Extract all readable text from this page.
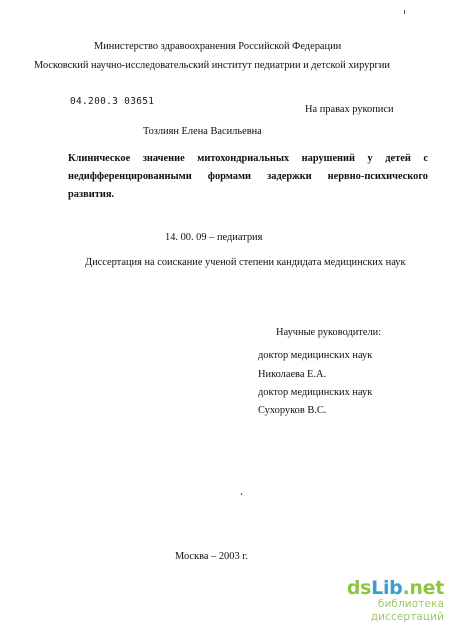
Министерство здравоохранения Российской Федерации
Московский научно-исследовательский институт педиатрии и детской хирургии
04.200.3 03651
На правах рукописи
Тозлиян Елена Васильевна
Клиническое значение митохондриальных нарушений у детей с недифференцированными формами задержки нервно-психического развития.
14. 00. 09 – педиатрия
Диссертация на соискание ученой степени кандидата медицинских наук
Научные руководители:
доктор медицинских наук
Николаева Е.А.
доктор медицинских наук
Сухоруков В.С.
Москва – 2003 г.
dsLib.net
библиотека диссертаций
